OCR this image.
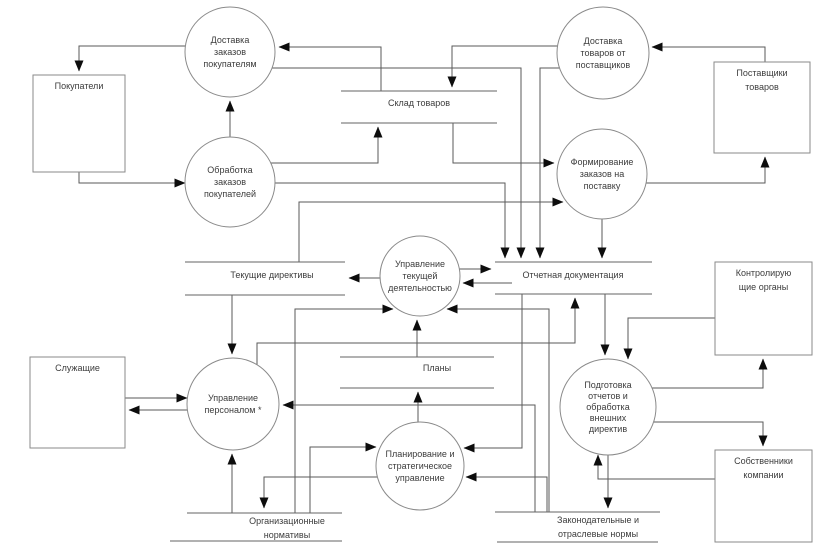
Покупатели
Поставщики
товаров
Служащие
Контролирую
щие органы
Собственники
компании
Склад товаров
Текущие директивы	Отчетная документация
Планы
Организационные
нормативы
Законодательные и
отраслевые нормы
Доставка
заказов
покупателям
Обработка
заказов
покупателей
Доставка
товаров от
поставщиков
Формирование
заказов на
поставку
Управление
текущей
деятельностью
Управление
персоналом *
Планирование и
стратегическое
управление
Подготовка
отчетов и
обработка
внешних
директив
